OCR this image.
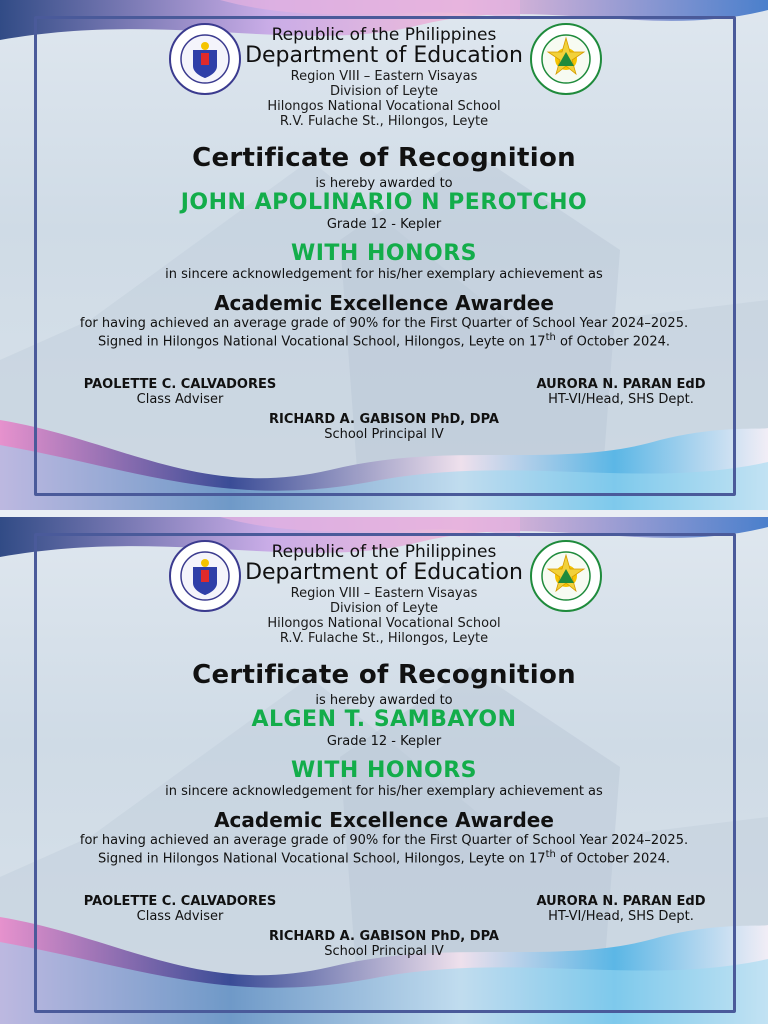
Republic of the Philippines
Department of Education
Region VIII – Eastern Visayas
Division of Leyte
Hilongos National Vocational School
R.V. Fulache St., Hilongos, Leyte
Certificate of Recognition
is hereby awarded to
JOHN APOLINARIO N PEROTCHO
Grade 12 - Kepler
WITH HONORS
in sincere acknowledgement for his/her exemplary achievement as
Academic Excellence Awardee
for having achieved an average grade of 90% for the First Quarter of School Year 2024–2025.
Signed in Hilongos National Vocational School, Hilongos, Leyte on 17th of October 2024.
PAOLETTE C. CALVADORES
Class Adviser
AURORA N. PARAN EdD
HT-VI/Head, SHS Dept.
RICHARD A. GABISON PhD, DPA
School Principal IV
Republic of the Philippines
Department of Education
Region VIII – Eastern Visayas
Division of Leyte
Hilongos National Vocational School
R.V. Fulache St., Hilongos, Leyte
Certificate of Recognition
is hereby awarded to
ALGEN T. SAMBAYON
Grade 12 - Kepler
WITH HONORS
in sincere acknowledgement for his/her exemplary achievement as
Academic Excellence Awardee
for having achieved an average grade of 90% for the First Quarter of School Year 2024–2025.
Signed in Hilongos National Vocational School, Hilongos, Leyte on 17th of October 2024.
PAOLETTE C. CALVADORES
Class Adviser
AURORA N. PARAN EdD
HT-VI/Head, SHS Dept.
RICHARD A. GABISON PhD, DPA
School Principal IV
